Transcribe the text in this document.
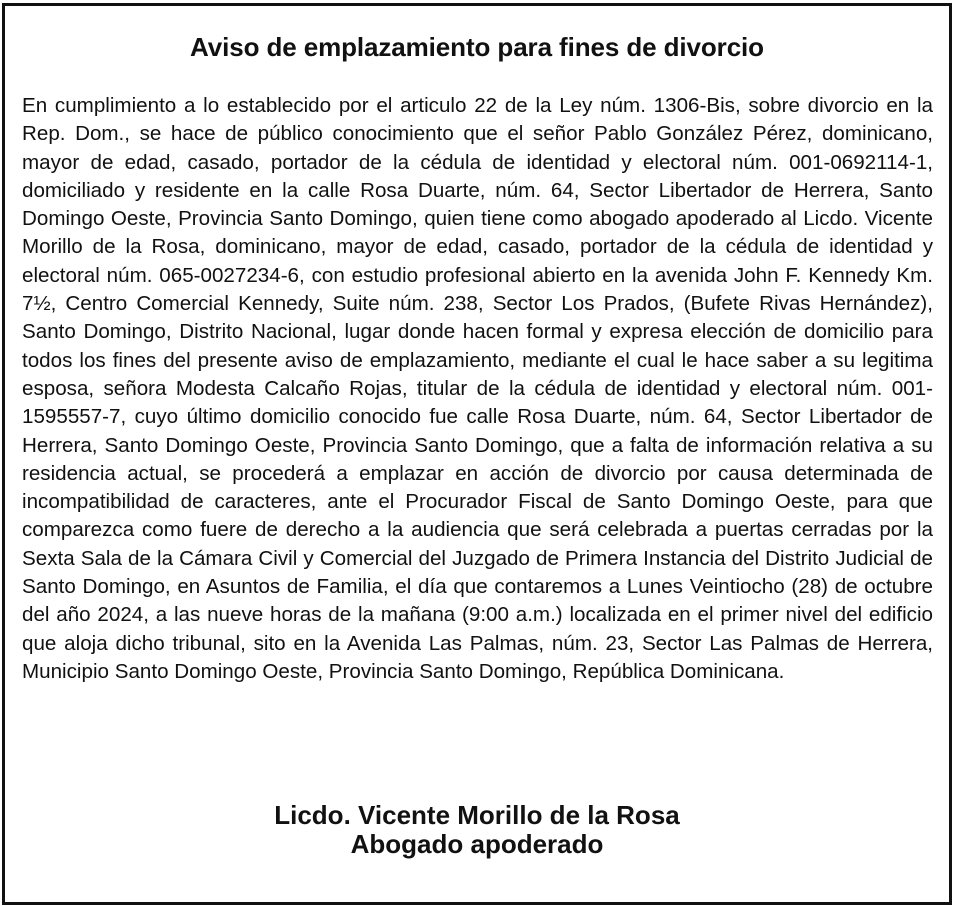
Aviso de emplazamiento para fines de divorcio

En cumplimiento a lo establecido por el articulo 22 de la Ley núm. 1306-Bis, sobre divorcio en la Rep. Dom., se hace de público conocimiento que el señor Pablo González Pérez, dominicano, mayor de edad, casado, portador de la cédula de identidad y electoral núm. 001-0692114-1, domiciliado y residente en la calle Rosa Duarte, núm. 64, Sector Libertador de Herrera, Santo Domingo Oeste, Provincia Santo Domingo, quien tiene como abogado apoderado al Licdo. Vicente Morillo de la Rosa, dominicano, mayor de edad, casado, portador de la cédula de identidad y electoral núm. 065-0027234-6, con estudio profesional abierto en la avenida John F. Kennedy Km. 7½, Centro Comercial Kennedy, Suite núm. 238, Sector Los Prados, (Bufete Rivas Hernández), Santo Domingo, Distrito Nacional, lugar donde hacen formal y expresa elección de domicilio para todos los fines del presente aviso de emplazamiento, mediante el cual le hace saber a su legitima esposa, señora Modesta Calcaño Rojas, titular de la cédula de identidad y electoral núm. 001-1595557-7, cuyo último domicilio conocido fue calle Rosa Duarte, núm. 64, Sector Libertador de Herrera, Santo Domingo Oeste, Provincia Santo Domingo, que a falta de información relativa a su residencia actual, se procederá a emplazar en acción de divorcio por causa determinada de incompatibilidad de caracteres, ante el Procurador Fiscal de Santo Domingo Oeste, para que comparezca como fuere de derecho a la audiencia que será celebrada a puertas cerradas por la Sexta Sala de la Cámara Civil y Comercial del Juzgado de Primera Instancia del Distrito Judicial de Santo Domingo, en Asuntos de Familia, el día que contaremos a Lunes Veintiocho (28) de octubre del año 2024, a las nueve horas de la mañana (9:00 a.m.) localizada en el primer nivel del edificio que aloja dicho tribunal, sito en la Avenida Las Palmas, núm. 23, Sector Las Palmas de Herrera, Municipio Santo Domingo Oeste, Provincia Santo Domingo, República Dominicana.

Licdo. Vicente Morillo de la Rosa
Abogado apoderado
